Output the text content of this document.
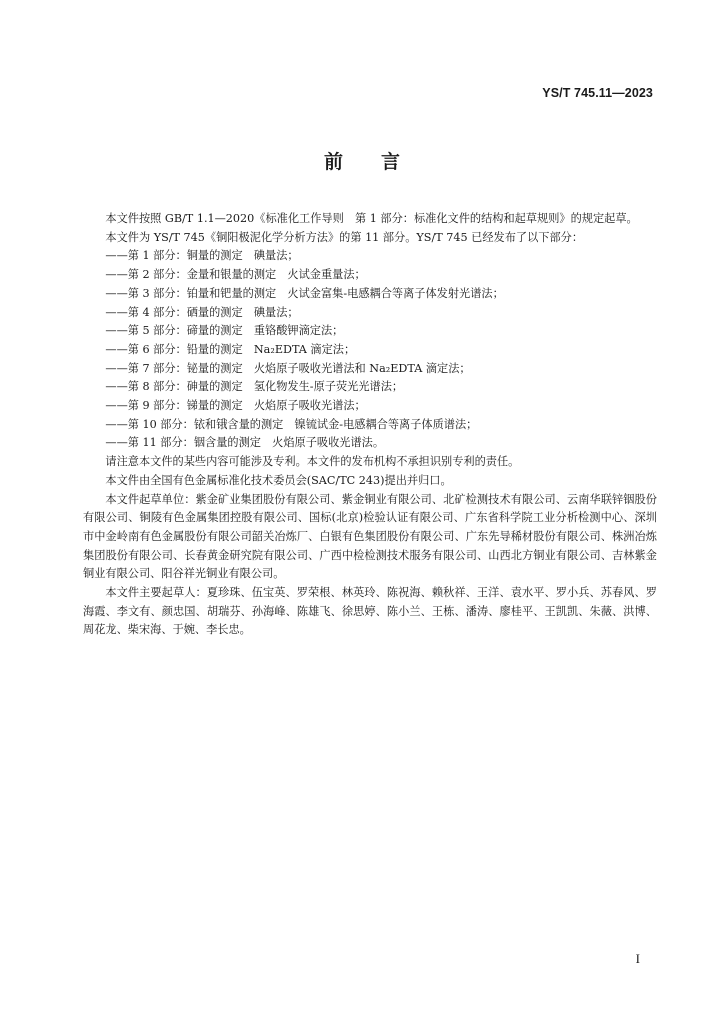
YS/T 745.11—2023
前 言

本文件按照 GB/T 1.1—2020《标准化工作导则　第 1 部分：标准化文件的结构和起草规则》的规定起草。

本文件为 YS/T 745《铜阳极泥化学分析方法》的第 11 部分。YS/T 745 已经发布了以下部分：

——第 1 部分：铜量的测定　碘量法；

——第 2 部分：金量和银量的测定　火试金重量法；

——第 3 部分：铂量和钯量的测定　火试金富集-电感耦合等离子体发射光谱法；

——第 4 部分：硒量的测定　碘量法；

——第 5 部分：碲量的测定　重铬酸钾滴定法；

——第 6 部分：铅量的测定　Na₂EDTA 滴定法；

——第 7 部分：铋量的测定　火焰原子吸收光谱法和 Na₂EDTA 滴定法；

——第 8 部分：砷量的测定　氢化物发生-原子荧光光谱法；

——第 9 部分：锑量的测定　火焰原子吸收光谱法；

——第 10 部分：铱和锇含量的测定　镍锍试金-电感耦合等离子体质谱法；

——第 11 部分：铟含量的测定　火焰原子吸收光谱法。

请注意本文件的某些内容可能涉及专利。本文件的发布机构不承担识别专利的责任。

本文件由全国有色金属标准化技术委员会(SAC/TC 243)提出并归口。

本文件起草单位：紫金矿业集团股份有限公司、紫金铜业有限公司、北矿检测技术有限公司、云南华联锌铟股份有限公司、铜陵有色金属集团控股有限公司、国标(北京)检验认证有限公司、广东省科学院工业分析检测中心、深圳市中金岭南有色金属股份有限公司韶关冶炼厂、白银有色集团股份有限公司、广东先导稀材股份有限公司、株洲冶炼集团股份有限公司、长春黄金研究院有限公司、广西中检检测技术服务有限公司、山西北方铜业有限公司、吉林紫金铜业有限公司、阳谷祥光铜业有限公司。

本文件主要起草人：夏珍珠、伍宝英、罗荣根、林英玲、陈祝海、赖秋祥、王洋、袁水平、罗小兵、苏春风、罗海霞、李文有、颜忠国、胡瑞芬、孙海峰、陈雄飞、徐思婷、陈小兰、王栋、潘涛、廖桂平、王凯凯、朱薇、洪博、周花龙、柴宋海、于婉、李长忠。

I
